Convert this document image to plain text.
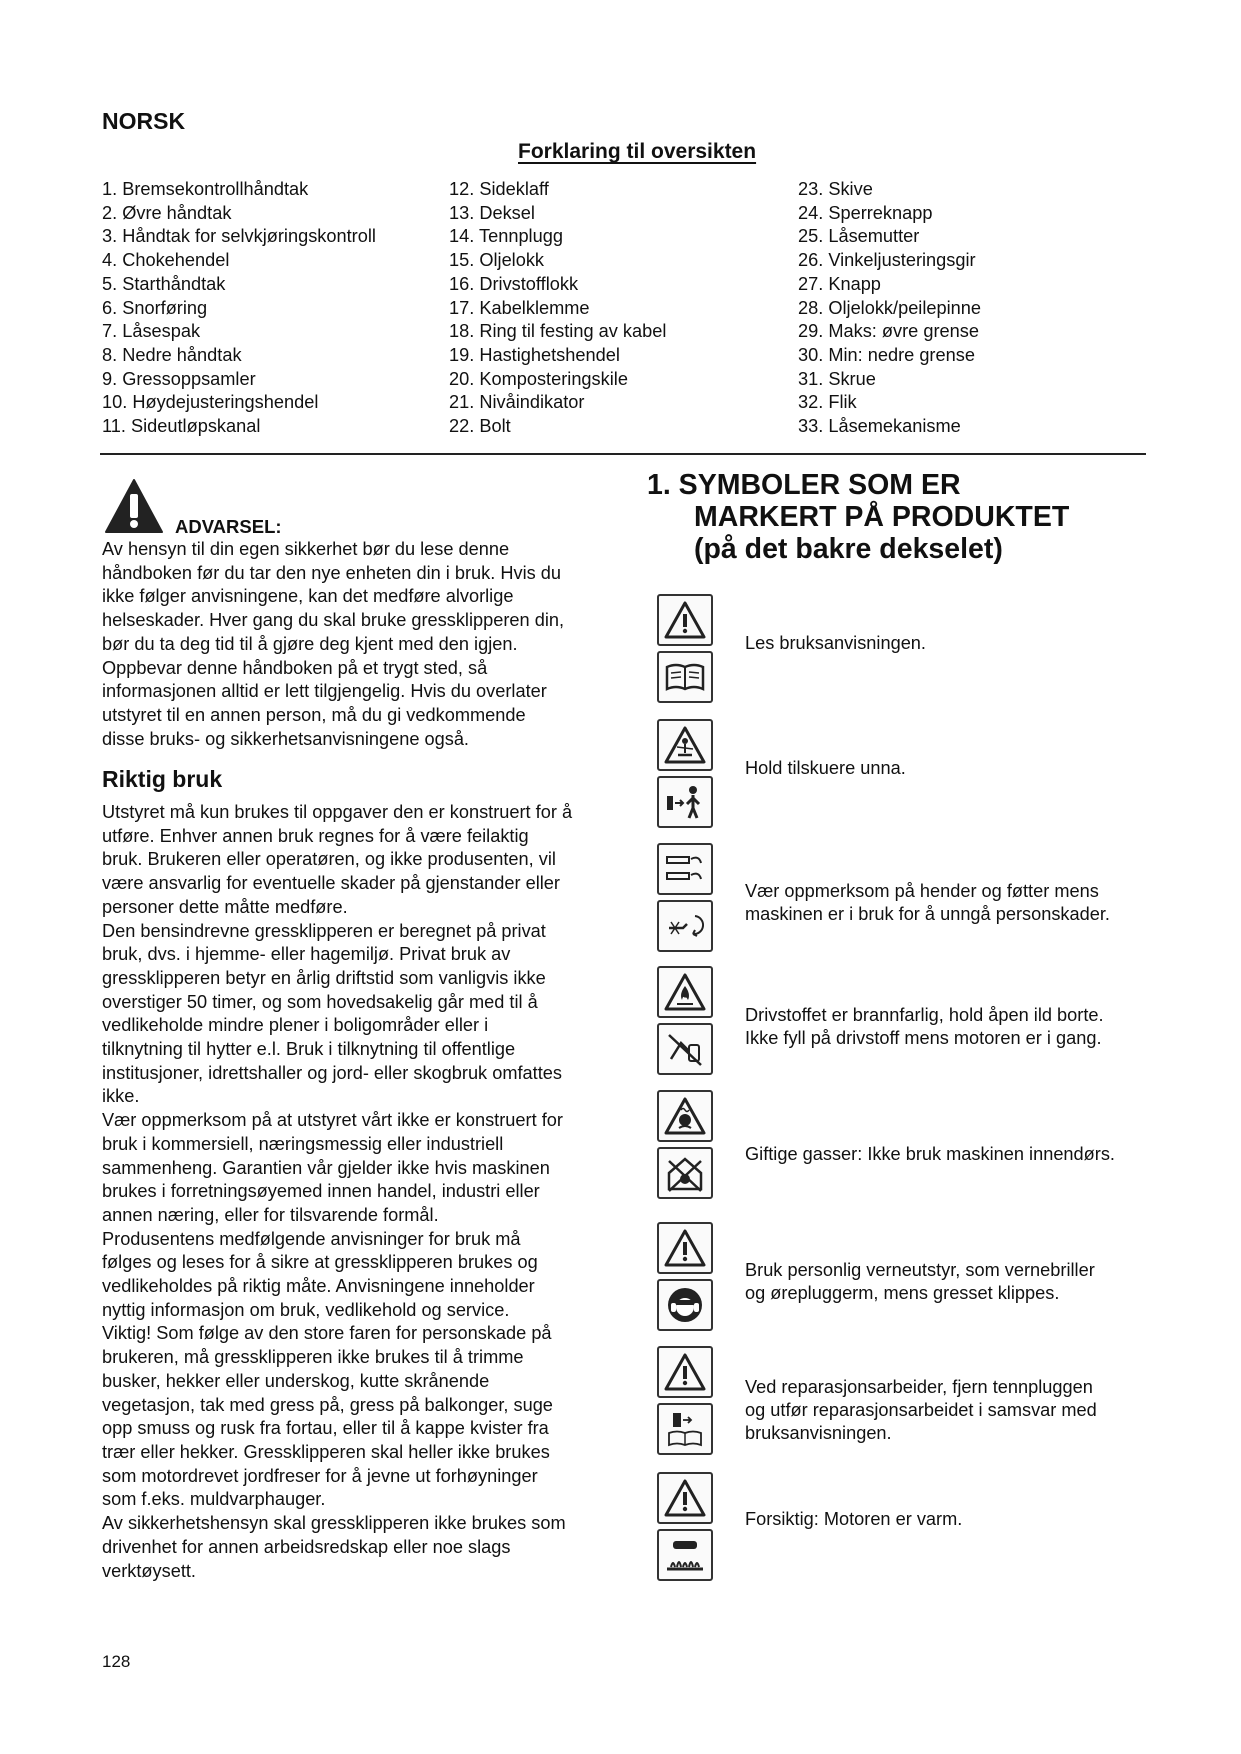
NORSK
Forklaring til oversikten
1. Bremsekontrollhåndtak
2. Øvre håndtak
3. Håndtak for selvkjøringskontroll
4. Chokehendel
5. Starthåndtak
6. Snorføring
7. Låsespak
8. Nedre håndtak
9. Gressoppsamler
10. Høydejusteringshendel
11. Sideutløpskanal
12. Sideklaff
13. Deksel
14. Tennplugg
15. Oljelokk
16. Drivstofflokk
17. Kabelklemme
18. Ring til festing av kabel
19. Hastighetshendel
20. Komposteringskile
21. Nivåindikator
22. Bolt
23. Skive
24. Sperreknapp
25. Låsemutter
26. Vinkeljusteringsgir
27. Knapp
28. Oljelokk/peilepinne
29. Maks: øvre grense
30. Min: nedre grense
31. Skrue
32. Flik
33. Låsemekanisme
ADVARSEL:
Av hensyn til din egen sikkerhet bør du lese denne
håndboken før du tar den nye enheten din i bruk. Hvis du
ikke følger anvisningene, kan det medføre alvorlige
helseskader. Hver gang du skal bruke gressklipperen din,
bør du ta deg tid til å gjøre deg kjent med den igjen.
Oppbevar denne håndboken på et trygt sted, så
informasjonen alltid er lett tilgjengelig. Hvis du overlater
utstyret til en annen person, må du gi vedkommende
disse bruks- og sikkerhetsanvisningene også.
Riktig bruk
Utstyret må kun brukes til oppgaver den er konstruert for å
utføre. Enhver annen bruk regnes for å være feilaktig
bruk. Brukeren eller operatøren, og ikke produsenten, vil
være ansvarlig for eventuelle skader på gjenstander eller
personer dette måtte medføre.
Den bensindrevne gressklipperen er beregnet på privat
bruk, dvs. i hjemme- eller hagemiljø. Privat bruk av
gressklipperen betyr en årlig driftstid som vanligvis ikke
overstiger 50 timer, og som hovedsakelig går med til å
vedlikeholde mindre plener i boligområder eller i
tilknytning til hytter e.l. Bruk i tilknytning til offentlige
institusjoner, idrettshaller og jord- eller skogbruk omfattes
ikke.
Vær oppmerksom på at utstyret vårt ikke er konstruert for
bruk i kommersiell, næringsmessig eller industriell
sammenheng. Garantien vår gjelder ikke hvis maskinen
brukes i forretningsøyemed innen handel, industri eller
annen næring, eller for tilsvarende formål.
Produsentens medfølgende anvisninger for bruk må
følges og leses for å sikre at gressklipperen brukes og
vedlikeholdes på riktig måte. Anvisningene inneholder
nyttig informasjon om bruk, vedlikehold og service.
Viktig! Som følge av den store faren for personskade på
brukeren, må gressklipperen ikke brukes til å trimme
busker, hekker eller underskog, kutte skrånende
vegetasjon, tak med gress på, gress på balkonger, suge
opp smuss og rusk fra fortau, eller til å kappe kvister fra
trær eller hekker. Gressklipperen skal heller ikke brukes
som motordrevet jordfreser for å jevne ut forhøyninger
som f.eks. muldvarphauger.
Av sikkerhetshensyn skal gressklipperen ikke brukes som
drivenhet for annen arbeidsredskap eller noe slags
verktøysett.
1. SYMBOLER SOM ER
MARKERT PÅ PRODUKTET
(på det bakre dekselet)
Les bruksanvisningen.
Hold tilskuere unna.
Vær oppmerksom på hender og føtter mens
maskinen er i bruk for å unngå personskader.
Drivstoffet er brannfarlig, hold åpen ild borte.
Ikke fyll på drivstoff mens motoren er i gang.
Giftige gasser: Ikke bruk maskinen innendørs.
Bruk personlig verneutstyr, som vernebriller
og ørepluggerm, mens gresset klippes.
Ved reparasjonsarbeider, fjern tennpluggen
og utfør reparasjonsarbeidet i samsvar med
bruksanvisningen.
Forsiktig: Motoren er varm.

128
